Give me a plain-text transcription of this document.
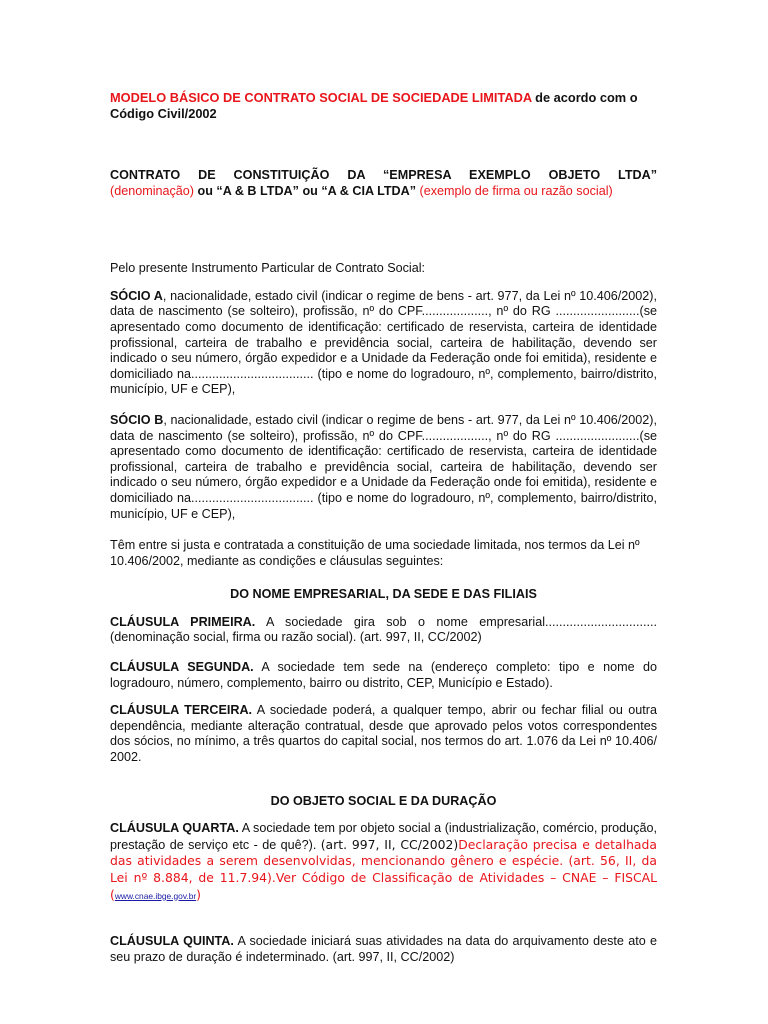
MODELO BÁSICO DE CONTRATO SOCIAL DE SOCIEDADE LIMITADA de acordo com o Código Civil/2002

CONTRATO DE CONSTITUIÇÃO DA “EMPRESA EXEMPLO OBJETO LTDA”
(denominação) ou “A & B LTDA” ou “A & CIA LTDA” (exemplo de firma ou razão social)

Pelo presente Instrumento Particular de Contrato Social:

SÓCIO A, nacionalidade, estado civil (indicar o regime de bens - art. 977, da Lei nº 10.406/2002), data de nascimento (se solteiro), profissão, nº do CPF..................., nº do RG ........................(se apresentado como documento de identificação: certificado de reservista, carteira de identidade profissional, carteira de trabalho e previdência social, carteira de habilitação, devendo ser indicado o seu número, órgão expedidor e a Unidade da Federação onde foi emitida), residente e domiciliado na................................... (tipo e nome do logradouro, nº, complemento, bairro/distrito, município, UF e CEP),

SÓCIO B, nacionalidade, estado civil (indicar o regime de bens - art. 977, da Lei nº 10.406/2002), data de nascimento (se solteiro), profissão, nº do CPF..................., nº do RG ........................(se apresentado como documento de identificação: certificado de reservista, carteira de identidade profissional, carteira de trabalho e previdência social, carteira de habilitação, devendo ser indicado o seu número, órgão expedidor e a Unidade da Federação onde foi emitida), residente e domiciliado na................................... (tipo e nome do logradouro, nº, complemento, bairro/distrito, município, UF e CEP),

Têm entre si justa e contratada a constituição de uma sociedade limitada, nos termos da Lei nº 10.406/2002, mediante as condições e cláusulas seguintes:

DO NOME EMPRESARIAL, DA SEDE E DAS FILIAIS

CLÁUSULA PRIMEIRA. A sociedade gira sob o nome empresarial................................ (denominação social, firma ou razão social). (art. 997, II, CC/2002)

CLÁUSULA SEGUNDA. A sociedade tem sede na (endereço completo: tipo e nome do logradouro, número, complemento, bairro ou distrito, CEP, Município e Estado).

CLÁUSULA TERCEIRA. A sociedade poderá, a qualquer tempo, abrir ou fechar filial ou outra dependência, mediante alteração contratual, desde que aprovado pelos votos correspondentes dos sócios, no mínimo, a três quartos do capital social, nos termos do art. 1.076 da Lei nº 10.406/ 2002.

DO OBJETO SOCIAL E DA DURAÇÃO

CLÁUSULA QUARTA. A sociedade tem por objeto social a (industrialização, comércio, produção, prestação de serviço etc - de quê?). (art. 997, II, CC/2002)Declaração precisa e detalhada das atividades a serem desenvolvidas, mencionando gênero e espécie. (art. 56, II, da Lei nº 8.884, de 11.7.94).Ver Código de Classificação de Atividades – CNAE – FISCAL (www.cnae.ibge.gov.br)

CLÁUSULA QUINTA. A sociedade iniciará suas atividades na data do arquivamento deste ato e seu prazo de duração é indeterminado. (art. 997, II, CC/2002)
